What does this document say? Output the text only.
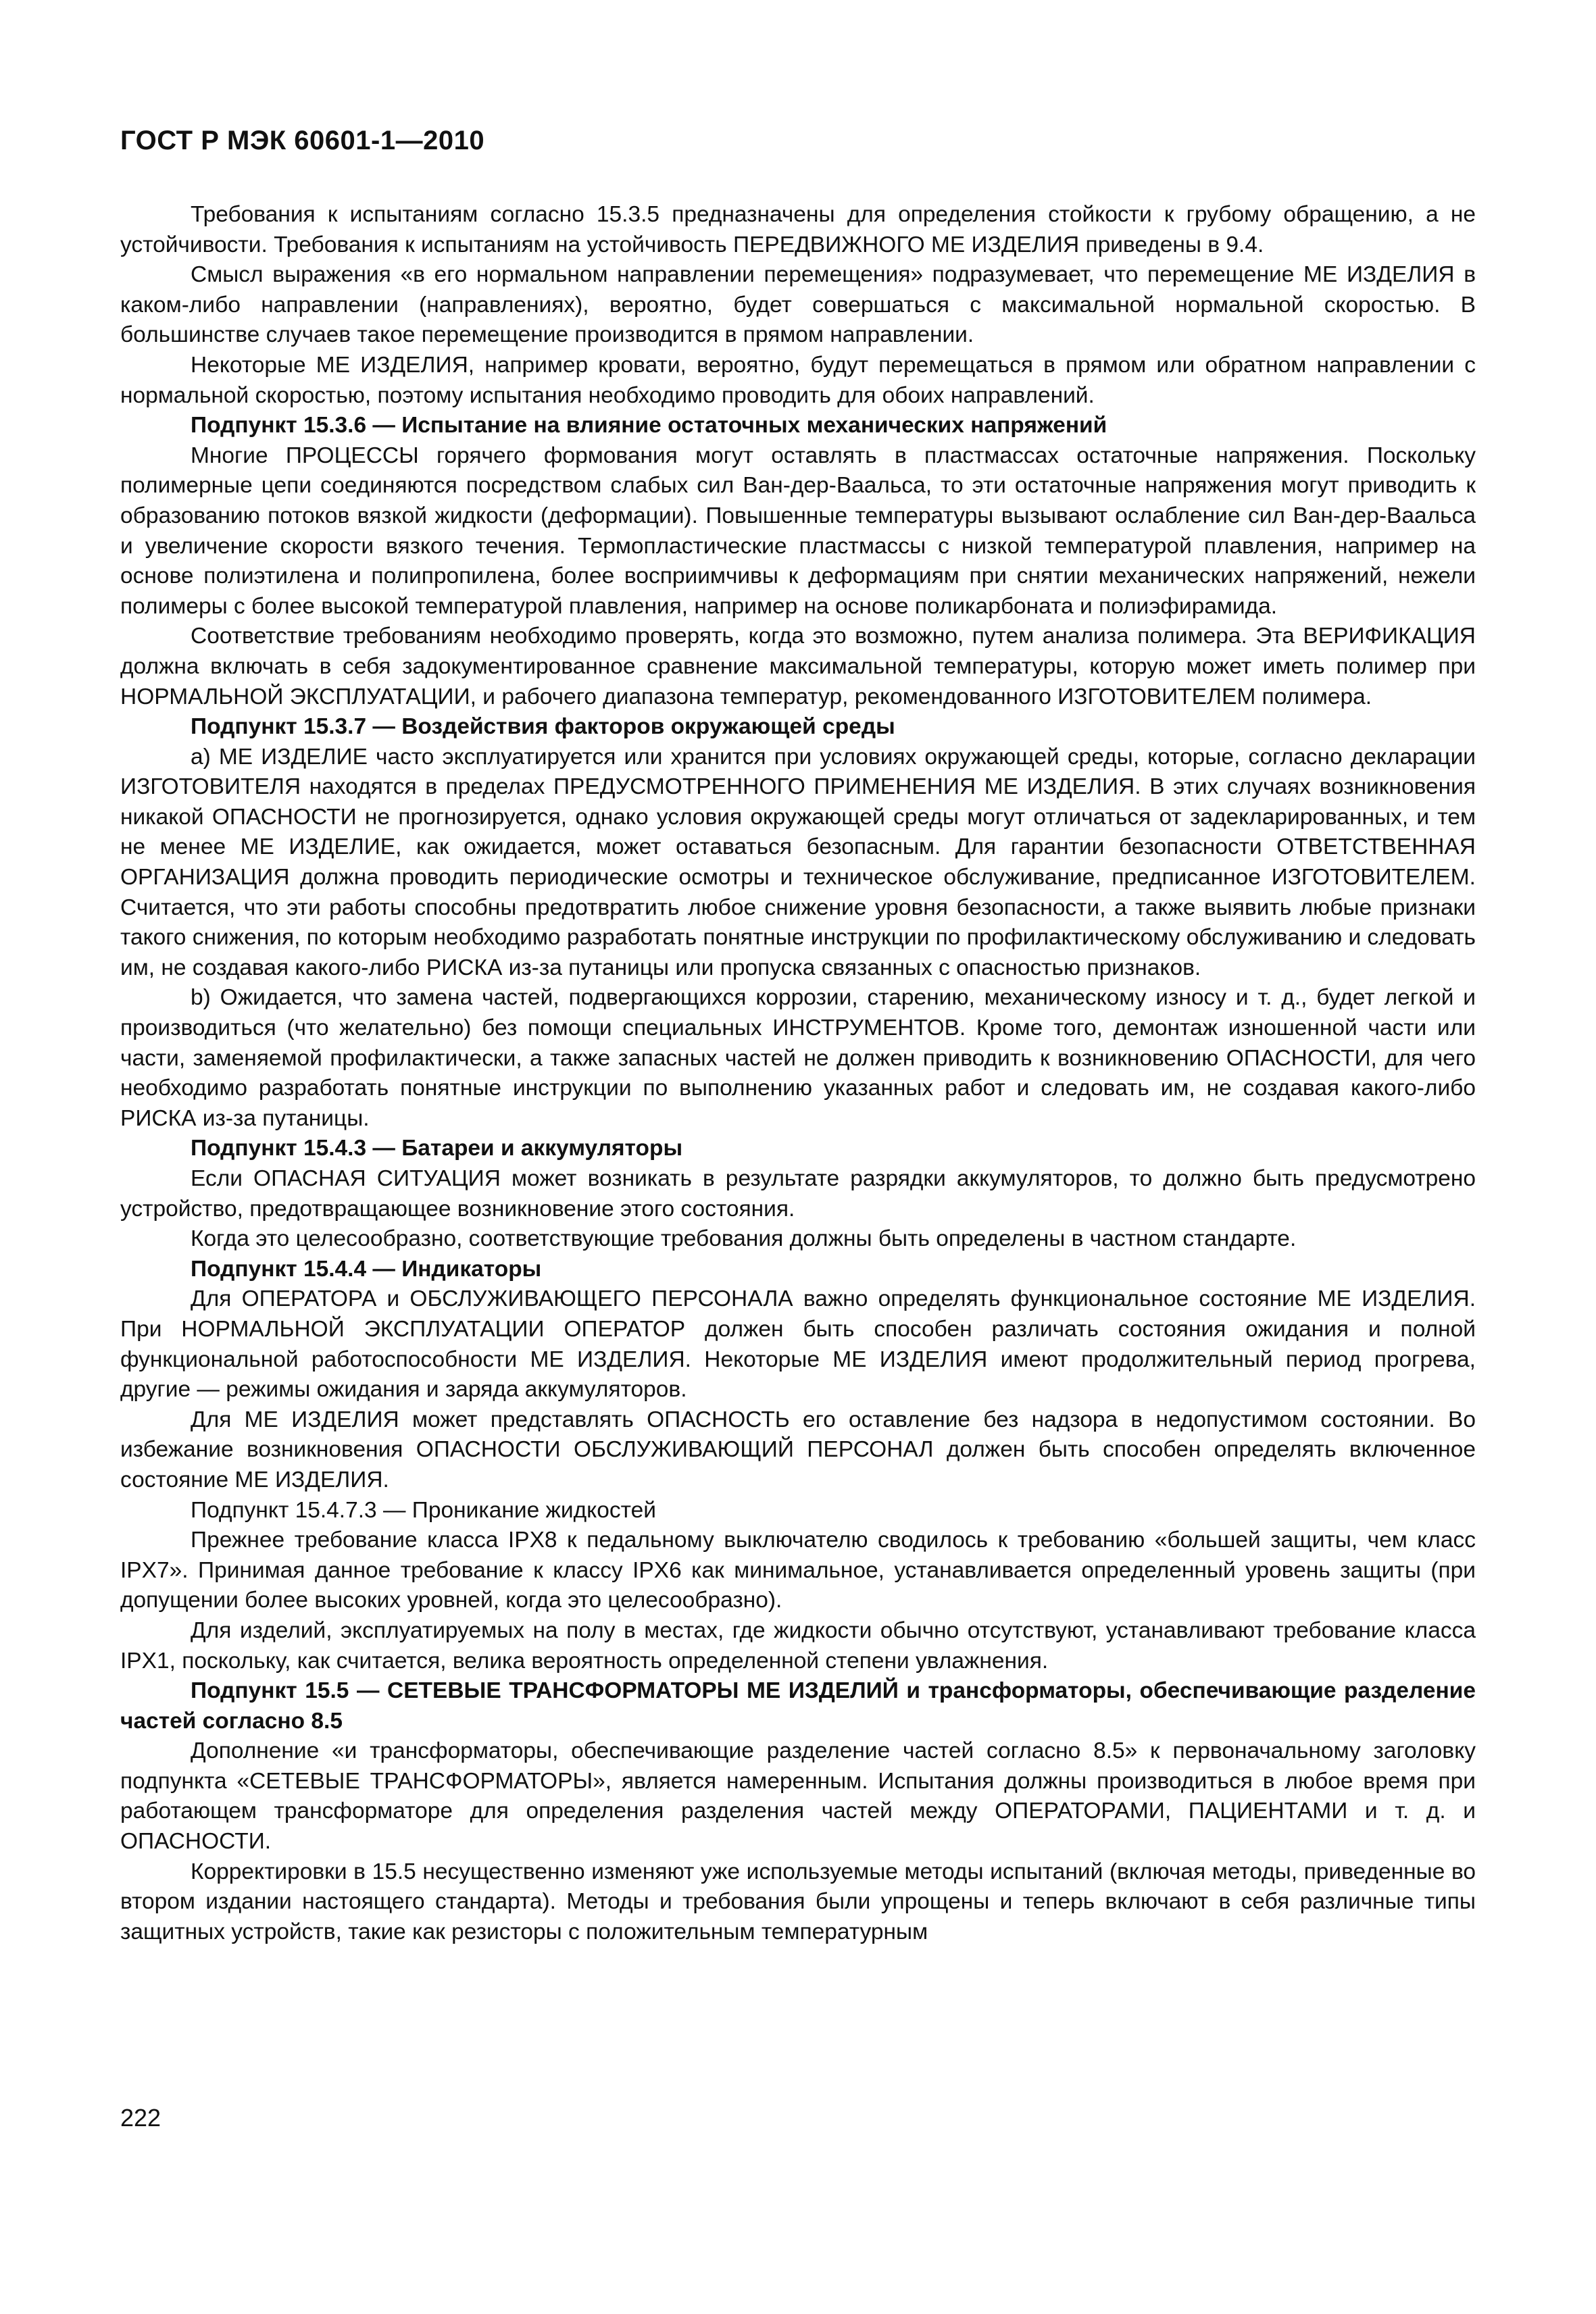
ГОСТ Р МЭК 60601-1—2010

Требования к испытаниям согласно 15.3.5 предназначены для определения стойкости к грубому обращению, а не устойчивости. Требования к испытаниям на устойчивость ПЕРЕДВИЖНОГО МЕ ИЗДЕЛИЯ приведены в 9.4.

Смысл выражения «в его нормальном направлении перемещения» подразумевает, что перемещение МЕ ИЗДЕЛИЯ в каком-либо направлении (направлениях), вероятно, будет совершаться с максимальной нормальной скоростью. В большинстве случаев такое перемещение производится в прямом направлении.

Некоторые МЕ ИЗДЕЛИЯ, например кровати, вероятно, будут перемещаться в прямом или обратном направлении с нормальной скоростью, поэтому испытания необходимо проводить для обоих направлений.

Подпункт 15.3.6 — Испытание на влияние остаточных механических напряжений

Многие ПРОЦЕССЫ горячего формования могут оставлять в пластмассах остаточные напряжения. Поскольку полимерные цепи соединяются посредством слабых сил Ван-дер-Ваальса, то эти остаточные напряжения могут приводить к образованию потоков вязкой жидкости (деформации). Повышенные температуры вызывают ослабление сил Ван-дер-Ваальса и увеличение скорости вязкого течения. Термопластические пластмассы с низкой температурой плавления, например на основе полиэтилена и полипропилена, более восприимчивы к деформациям при снятии механических напряжений, нежели полимеры с более высокой температурой плавления, например на основе поликарбоната и полиэфирамида.

Соответствие требованиям необходимо проверять, когда это возможно, путем анализа полимера. Эта ВЕРИФИКАЦИЯ должна включать в себя задокументированное сравнение максимальной температуры, которую может иметь полимер при НОРМАЛЬНОЙ ЭКСПЛУАТАЦИИ, и рабочего диапазона температур, рекомендованного ИЗГОТОВИТЕЛЕМ полимера.

Подпункт 15.3.7 — Воздействия факторов окружающей среды

а) МЕ ИЗДЕЛИЕ часто эксплуатируется или хранится при условиях окружающей среды, которые, согласно декларации ИЗГОТОВИТЕЛЯ находятся в пределах ПРЕДУСМОТРЕННОГО ПРИМЕНЕНИЯ МЕ ИЗДЕЛИЯ. В этих случаях возникновения никакой ОПАСНОСТИ не прогнозируется, однако условия окружающей среды могут отличаться от задекларированных, и тем не менее МЕ ИЗДЕЛИЕ, как ожидается, может оставаться безопасным. Для гарантии безопасности ОТВЕТСТВЕННАЯ ОРГАНИЗАЦИЯ должна проводить периодические осмотры и техническое обслуживание, предписанное ИЗГОТОВИТЕЛЕМ. Считается, что эти работы способны предотвратить любое снижение уровня безопасности, а также выявить любые признаки такого снижения, по которым необходимо разработать понятные инструкции по профилактическому обслуживанию и следовать им, не создавая какого-либо РИСКА из-за путаницы или пропуска связанных с опасностью признаков.

b) Ожидается, что замена частей, подвергающихся коррозии, старению, механическому износу и т. д., будет легкой и производиться (что желательно) без помощи специальных ИНСТРУМЕНТОВ. Кроме того, демонтаж изношенной части или части, заменяемой профилактически, а также запасных частей не должен приводить к возникновению ОПАСНОСТИ, для чего необходимо разработать понятные инструкции по выполнению указанных работ и следовать им, не создавая какого-либо РИСКА из-за путаницы.

Подпункт 15.4.3 — Батареи и аккумуляторы

Если ОПАСНАЯ СИТУАЦИЯ может возникать в результате разрядки аккумуляторов, то должно быть предусмотрено устройство, предотвращающее возникновение этого состояния.

Когда это целесообразно, соответствующие требования должны быть определены в частном стандарте.

Подпункт 15.4.4 — Индикаторы

Для ОПЕРАТОРА и ОБСЛУЖИВАЮЩЕГО ПЕРСОНАЛА важно определять функциональное состояние МЕ ИЗДЕЛИЯ. При НОРМАЛЬНОЙ ЭКСПЛУАТАЦИИ ОПЕРАТОР должен быть способен различать состояния ожидания и полной функциональной работоспособности МЕ ИЗДЕЛИЯ. Некоторые МЕ ИЗДЕЛИЯ имеют продолжительный период прогрева, другие — режимы ожидания и заряда аккумуляторов.

Для МЕ ИЗДЕЛИЯ может представлять ОПАСНОСТЬ его оставление без надзора в недопустимом состоянии. Во избежание возникновения ОПАСНОСТИ ОБСЛУЖИВАЮЩИЙ ПЕРСОНАЛ должен быть способен определять включенное состояние МЕ ИЗДЕЛИЯ.

Подпункт 15.4.7.3 — Проникание жидкостей

Прежнее требование класса IPX8 к педальному выключателю сводилось к требованию «большей защиты, чем класс IPX7». Принимая данное требование к классу IPX6 как минимальное, устанавливается определенный уровень защиты (при допущении более высоких уровней, когда это целесообразно).

Для изделий, эксплуатируемых на полу в местах, где жидкости обычно отсутствуют, устанавливают требование класса IPX1, поскольку, как считается, велика вероятность определенной степени увлажнения.

Подпункт 15.5 — СЕТЕВЫЕ ТРАНСФОРМАТОРЫ МЕ ИЗДЕЛИЙ и трансформаторы, обеспечивающие разделение частей согласно 8.5

Дополнение «и трансформаторы, обеспечивающие разделение частей согласно 8.5» к первоначальному заголовку подпункта «СЕТЕВЫЕ ТРАНСФОРМАТОРЫ», является намеренным. Испытания должны производиться в любое время при работающем трансформаторе для определения разделения частей между ОПЕРАТОРАМИ, ПАЦИЕНТАМИ и т. д. и ОПАСНОСТИ.

Корректировки в 15.5 несущественно изменяют уже используемые методы испытаний (включая методы, приведенные во втором издании настоящего стандарта). Методы и требования были упрощены и теперь включают в себя различные типы защитных устройств, такие как резисторы с положительным температурным

222
